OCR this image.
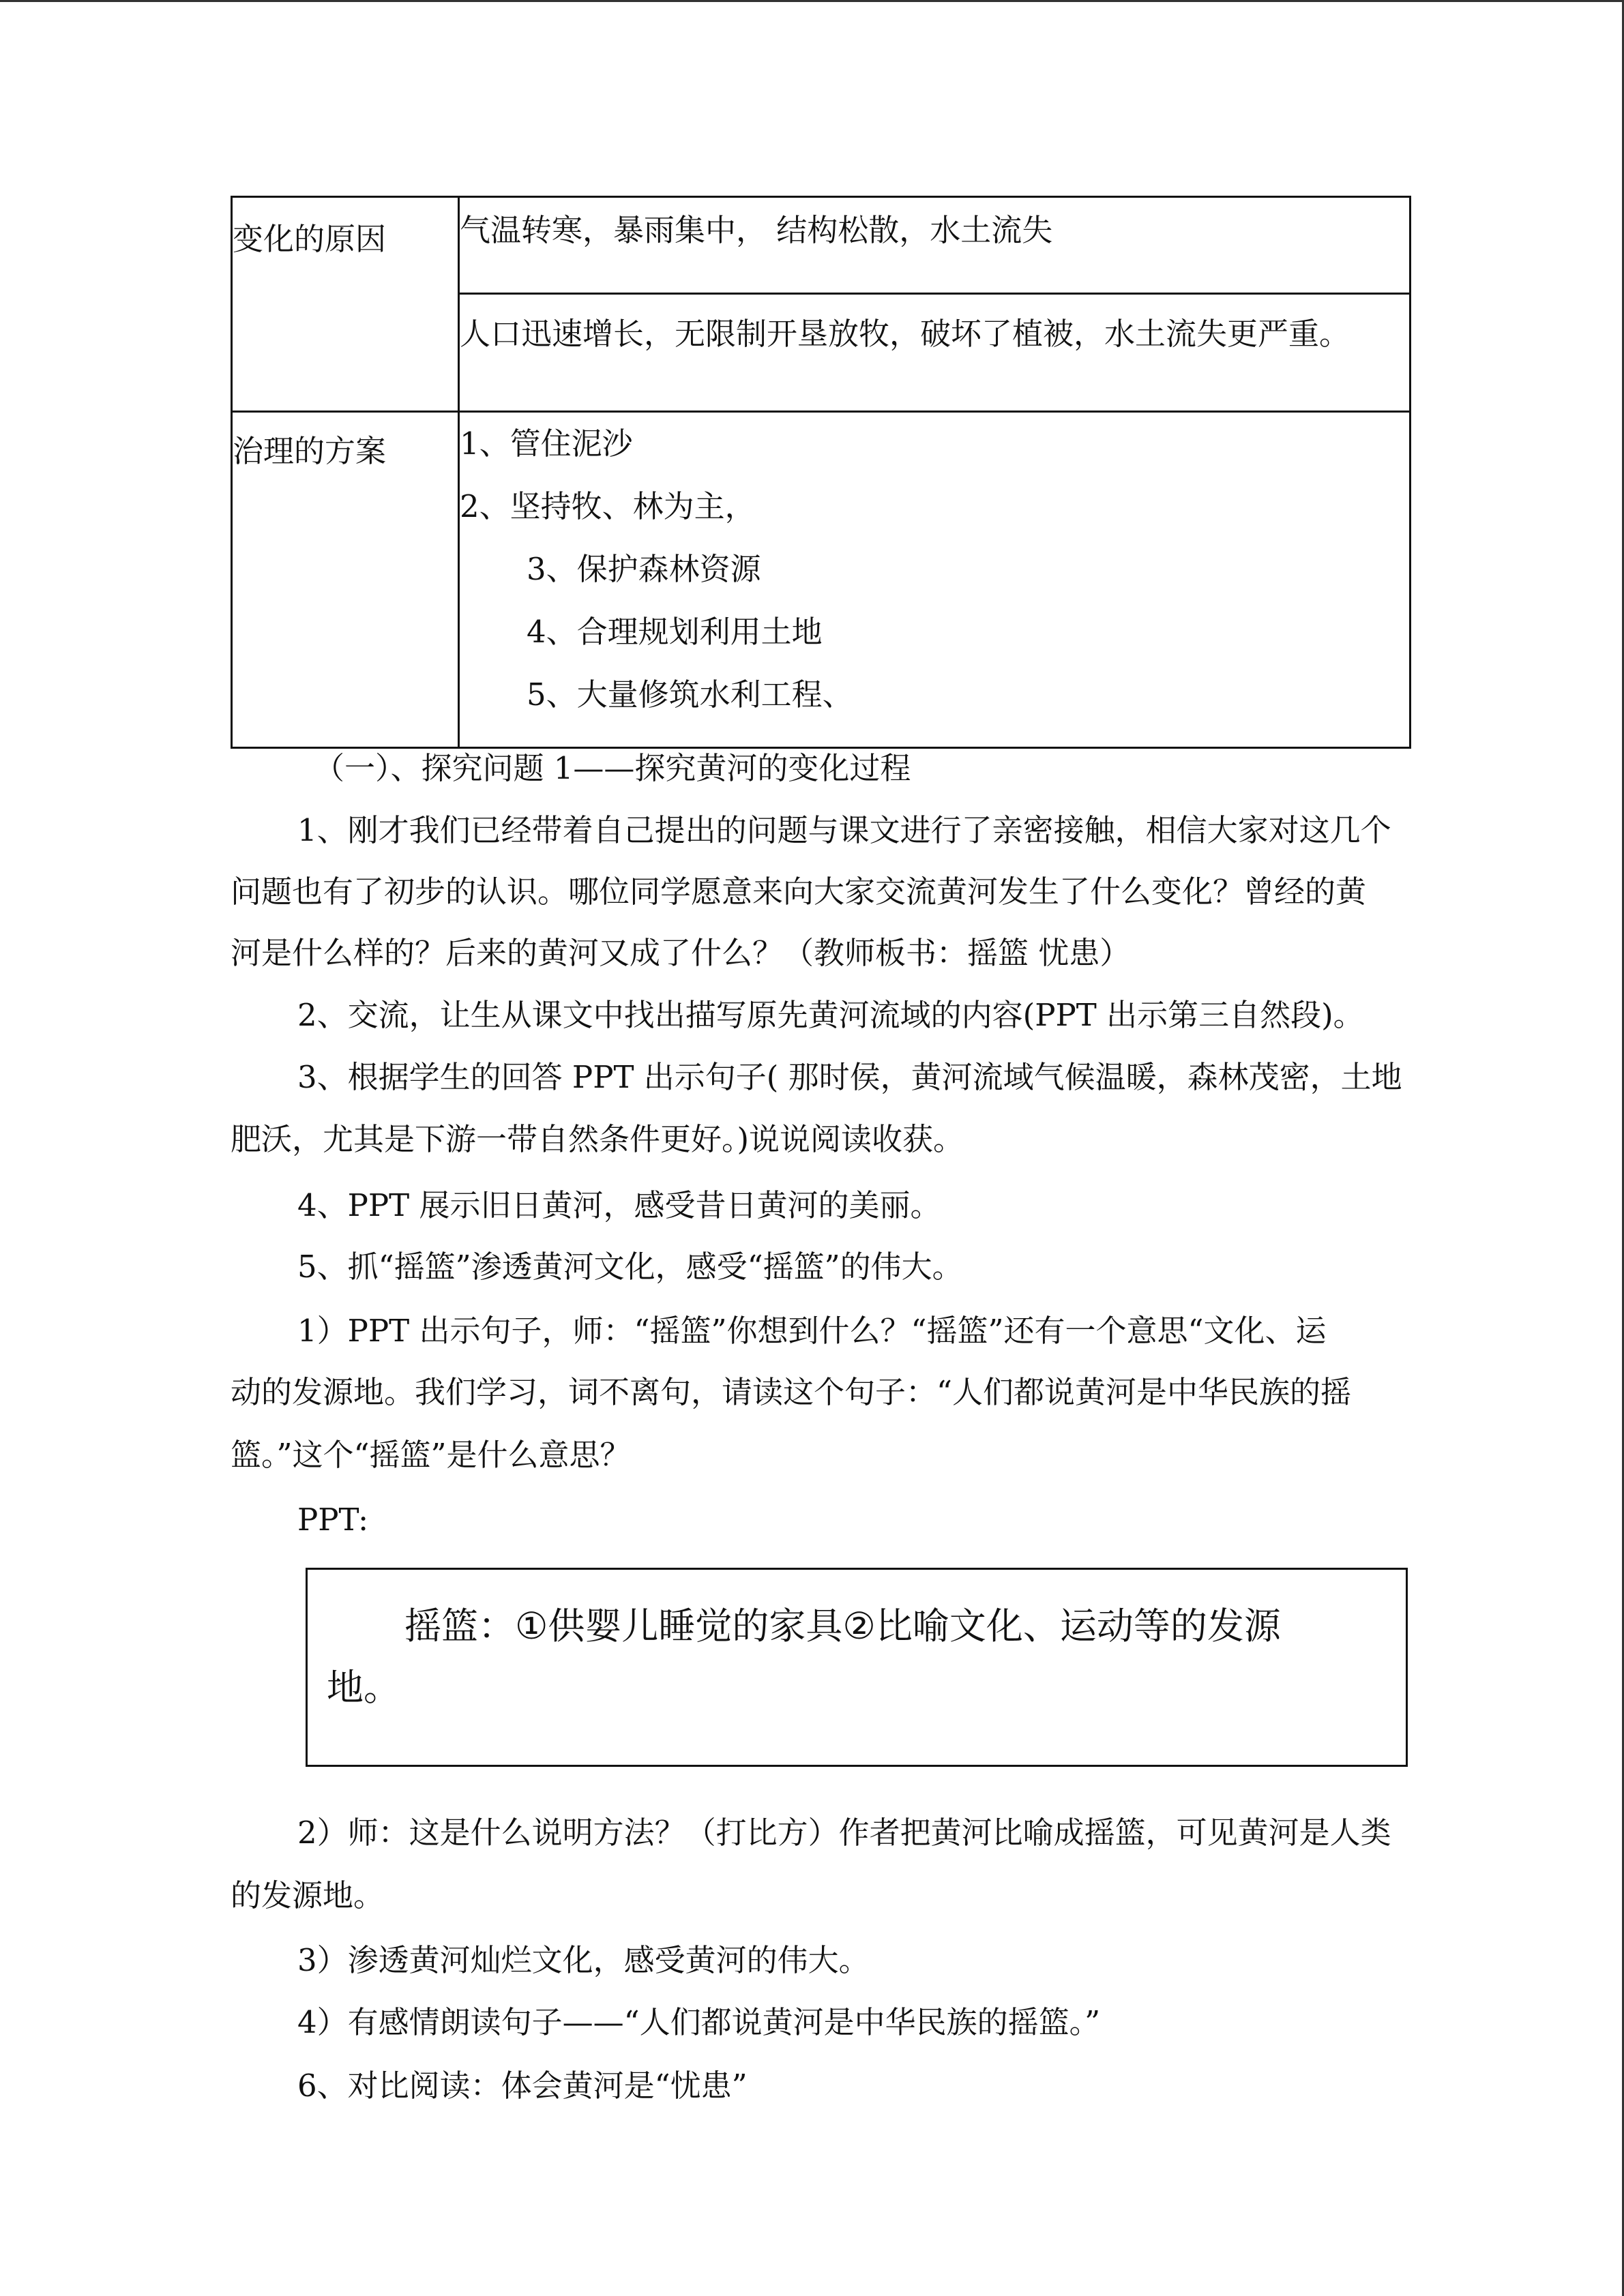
变化的原因	气温转寒，暴雨集中， 结构松散，水土流失

人口迅速增长，无限制开垦放牧，破坏了植被，水土流失更严重。

治理的方案	1、管住泥沙
2、坚持牧、林为主，
3、保护森林资源
4、合理规划利用土地
5、大量修筑水利工程、
（一）、探究问题 1——探究黄河的变化过程
1、刚才我们已经带着自己提出的问题与课文进行了亲密接触，相信大家对这几个
问题也有了初步的认识。哪位同学愿意来向大家交流黄河发生了什么变化？曾经的黄
河是什么样的？后来的黄河又成了什么？（教师板书：摇篮 忧患）
2、交流，让生从课文中找出描写原先黄河流域的内容(PPT 出示第三自然段)。
3、根据学生的回答 PPT 出示句子( 那时侯，黄河流域气候温暖，森林茂密，土地
肥沃，尤其是下游一带自然条件更好。)说说阅读收获。
4、PPT 展示旧日黄河，感受昔日黄河的美丽。
5、抓“摇篮”渗透黄河文化，感受“摇篮”的伟大。
1）PPT 出示句子，师：“摇篮”你想到什么？“摇篮”还有一个意思“文化、运
动的发源地。我们学习，词不离句，请读这个句子：“人们都说黄河是中华民族的摇
篮。”这个“摇篮”是什么意思？
PPT:
摇篮：①供婴儿睡觉的家具②比喻文化、运动等的发源
地。
2）师：这是什么说明方法？（打比方）作者把黄河比喻成摇篮，可见黄河是人类
的发源地。
3）渗透黄河灿烂文化，感受黄河的伟大。
4）有感情朗读句子——“人们都说黄河是中华民族的摇篮。”
6、对比阅读：体会黄河是“忧患”
